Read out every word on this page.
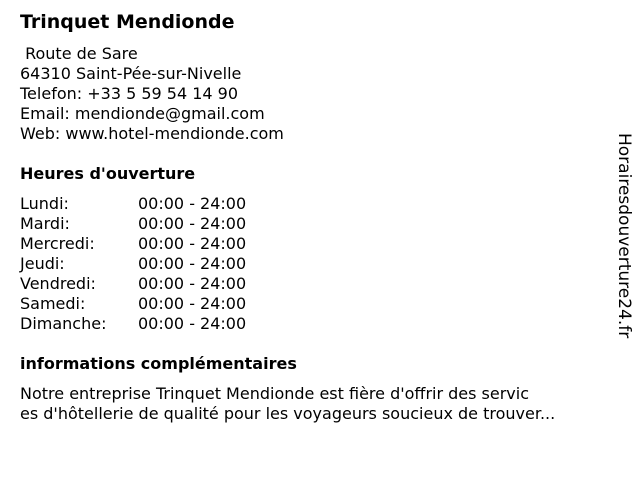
Trinquet Mendionde
Route de Sare
64310 Saint-Pée-sur-Nivelle
Telefon: +33 5 59 54 14 90
Email: mendionde@gmail.com
Web: www.hotel-mendionde.com
Heures d'ouverture
Lundi:	00:00 - 24:00
Mardi:	00:00 - 24:00
Mercredi:	00:00 - 24:00
Jeudi:	00:00 - 24:00
Vendredi:	00:00 - 24:00
Samedi:	00:00 - 24:00
Dimanche:	00:00 - 24:00
informations complémentaires
Notre entreprise Trinquet Mendionde est fière d'offrir des servic
es d'hôtellerie de qualité pour les voyageurs soucieux de trouver...
Horairesdouverture24.fr
